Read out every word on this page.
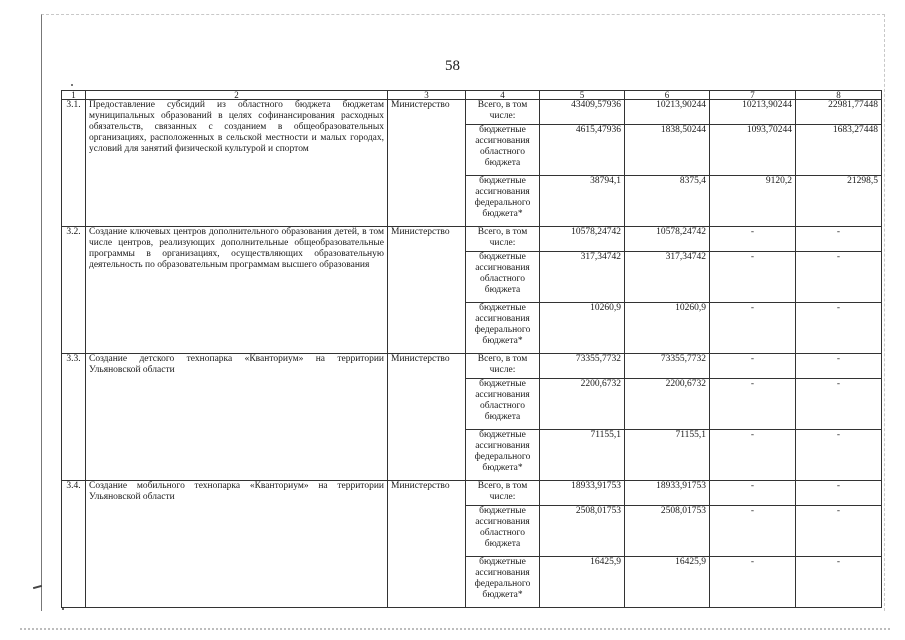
58
1	2	3	4	5	6	7	8
3.1.	Предоставление субсидий из областного бюджета бюджетам муниципальных образований в целях софинансирования расходных обязательств, связанных с созданием в общеобразовательных организациях, расположенных в сельской местности и малых городах, условий для занятий физической культурой и спортом	Министерство	Всего, в том числе:	43409,57936	10213,90244	10213,90244	22981,77448
			бюджетные ассигнования областного бюджета	4615,47936	1838,50244	1093,70244	1683,27448
			бюджетные ассигнования федерального бюджета*	38794,1	8375,4	9120,2	21298,5
3.2.	Создание ключевых центров дополнительного образования детей, в том числе центров, реализующих дополнительные общеобразовательные программы в организациях, осуществляющих образовательную деятельность по образовательным программам высшего образования	Министерство	Всего, в том числе:	10578,24742	10578,24742	-	-
			бюджетные ассигнования областного бюджета	317,34742	317,34742	-	-
			бюджетные ассигнования федерального бюджета*	10260,9	10260,9	-	-
3.3.	Создание детского технопарка «Кванториум» на территории Ульяновской области	Министерство	Всего, в том числе:	73355,7732	73355,7732	-	-
			бюджетные ассигнования областного бюджета	2200,6732	2200,6732	-	-
			бюджетные ассигнования федерального бюджета*	71155,1	71155,1	-	-
3.4.	Создание мобильного технопарка «Кванториум» на территории Ульяновской области	Министерство	Всего, в том числе:	18933,91753	18933,91753	-	-
			бюджетные ассигнования областного бюджета	2508,01753	2508,01753	-	-
			бюджетные ассигнования федерального бюджета*	16425,9	16425,9	-	-
